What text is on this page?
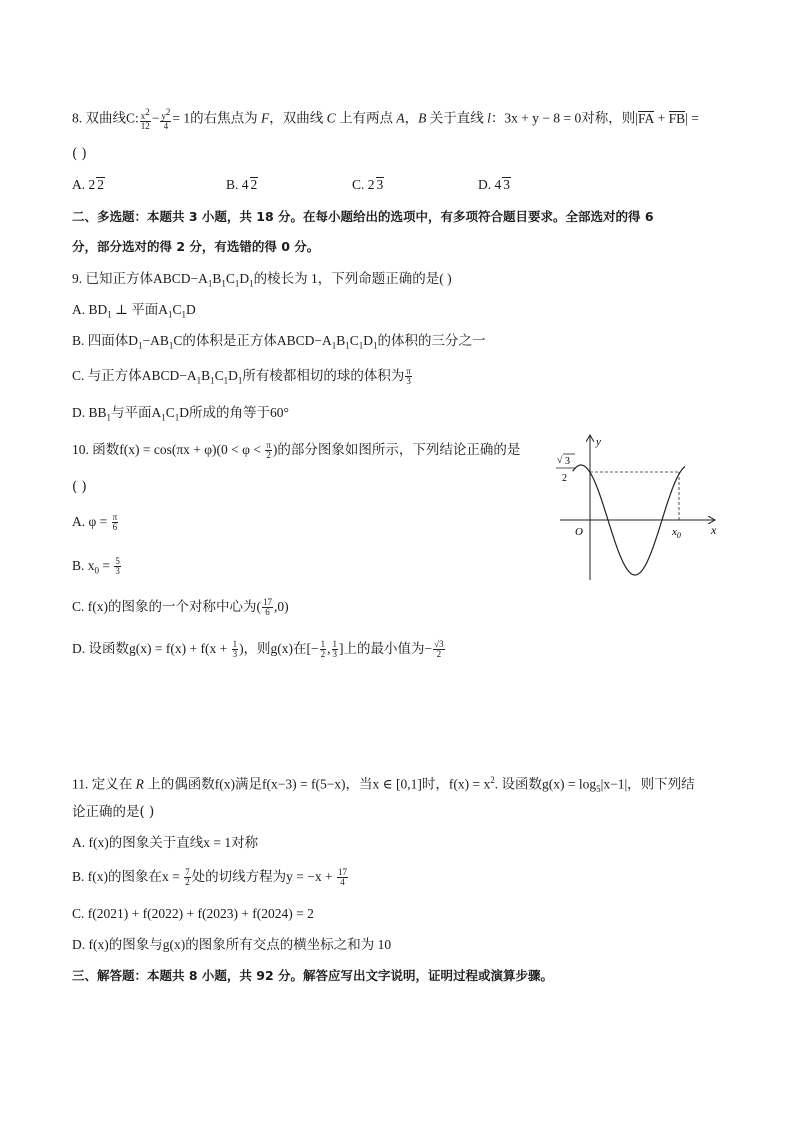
8. 双曲线C: $\frac{x^2}{12} - \frac{y^2}{4} = 1$的右焦点为 F，双曲线 C 上有两点 A，B 关于直线 l：3x + y − 8 = 0对称，则|FA + FB| =
( )
A. 2 2	B. 4 2	C. 2 3	D. 4 3
二、多选题：本题共 3 小题，共 18 分。在每小题给出的选项中，有多项符合题目要求。全部选对的得 6
分，部分选对的得 2 分，有选错的得 0 分。
9. 已知正方体$ABCD-A_1B_1C_1D_1$的棱长为 1，下列命题正确的是( )
A. $BD_1$ ⊥ 平面$A_1C_1D$
B. 四面体$D_1-AB_1C$的体积是正方体$ABCD-A_1B_1C_1D_1$的体积的三分之一
C. 与正方体$ABCD-A_1B_1C_1D_1$所有棱都相切的球的体积为 $\frac{\pi}{3}$
D. $BB_1$与平面$A_1C_1D$所成的角等于60°
10. 函数$f(x) = \cos(\pi x + \varphi)(0 < \varphi < \frac{\pi}{2}$ )的部分图象如图所示，下列结论正确的是
( )
A. $\varphi = \frac{\pi}{6}$
B. $x_0 = \frac{5}{3}$
C. f(x)的图象的一个对称中心为( $\frac{17}{6} ,0$)
D. 设函数$g(x) = f(x) + f(x + \frac{1}{3}$ )，则g(x)在[− $\frac{1}{2}$ , $\frac{1}{3}$ ]上的最小值为− $\frac{√3}{2}$
y
x
O
√ 3
2
$x_0$
11. 定义在 R 上的偶函数f(x)满足f(x−3) = f(5−x)，当x ∈ [0,1]时，$f(x) = x^2$. 设函数$g(x) = \log_5|x-1|$，则下列结
论正确的是( )
A. f(x)的图象关于直线x = 1对称
B. f(x)的图象在$x = \frac{7}{2}$ 处的切线方程为$y = -x + \frac{17}{4}$
C. f(2021) + f(2022) + f(2023) + f(2024) = 2
D. f(x)的图象与g(x)的图象所有交点的横坐标之和为 10
三、解答题：本题共 8 小题，共 92 分。解答应写出文字说明，证明过程或演算步骤。
